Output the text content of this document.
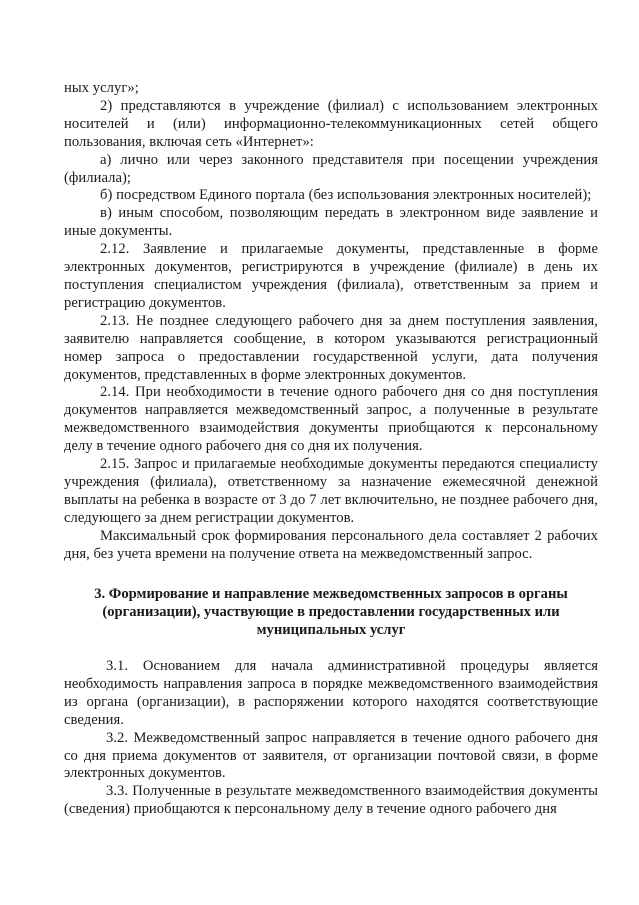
ных услуг»;

2) представляются в учреждение (филиал) с использованием электронных носителей и (или) информационно-телекоммуникационных сетей общего пользования, включая сеть «Интернет»:

а) лично или через законного представителя при посещении учреждения (филиала);

б) посредством Единого портала (без использования электронных носителей);

в) иным способом, позволяющим передать в электронном виде заявление и иные документы.

2.12. Заявление и прилагаемые документы, представленные в форме электронных документов, регистрируются в учреждение (филиале) в день их поступления специалистом учреждения (филиала), ответственным за прием и регистрацию документов.

2.13. Не позднее следующего рабочего дня за днем поступления заявления, заявителю направляется сообщение, в котором указываются регистрационный номер запроса о предоставлении государственной услуги, дата получения документов, представленных в форме электронных документов.

2.14. При необходимости в течение одного рабочего дня со дня поступления документов направляется межведомственный запрос, а полученные в результате межведомственного взаимодействия документы приобщаются к персональному делу в течение одного рабочего дня со дня их получения.

2.15. Запрос и прилагаемые необходимые документы передаются специалисту учреждения (филиала), ответственному за назначение ежемесячной денежной выплаты на ребенка в возрасте от 3 до 7 лет включительно, не позднее рабочего дня, следующего за днем регистрации документов.

Максимальный срок формирования персонального дела составляет 2 рабочих дня, без учета времени на получение ответа на межведомственный запрос.

3. Формирование и направление межведомственных запросов в органы (организации), участвующие в предоставлении государственных или муниципальных услуг

3.1. Основанием для начала административной процедуры является необходимость направления запроса в порядке межведомственного взаимодействия из органа (организации), в распоряжении которого находятся соответствующие сведения.

3.2. Межведомственный запрос направляется в течение одного рабочего дня со дня приема документов от заявителя, от организации почтовой связи, в форме электронных документов.

3.3. Полученные в результате межведомственного взаимодействия документы (сведения) приобщаются к персональному делу в течение одного рабочего дня
